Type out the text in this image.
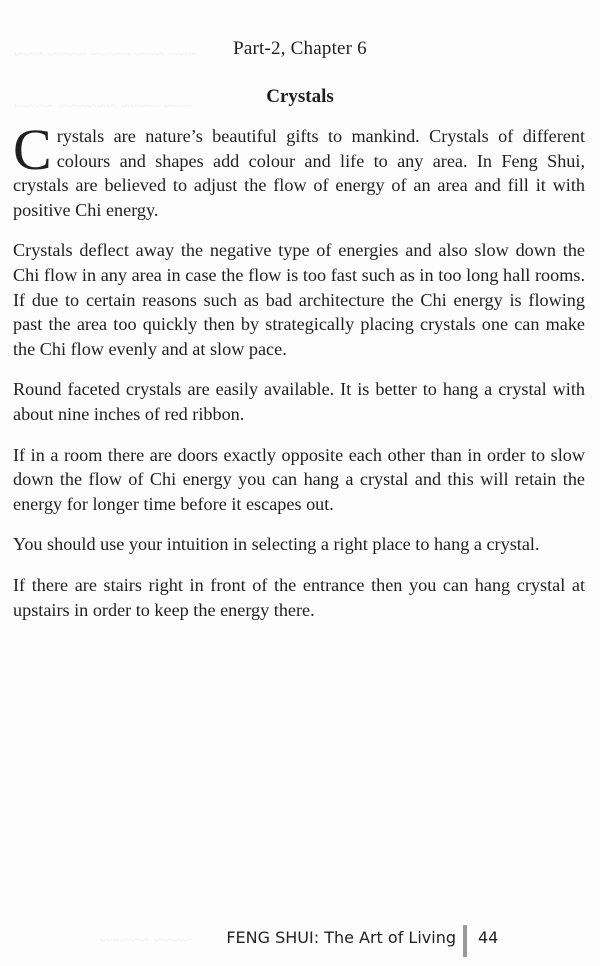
~~~ ~~~ ~~~~ ~~~~ ~~~
~~~ ~~~~ ~~~~~~ ~~~~
~~~~ ~~~~~
Part-2, Chapter 6
Crystals

Crystals are nature’s beautiful gifts to mankind. Crystals of different colours and shapes add colour and life to any area. In Feng Shui, crystals are believed to adjust the flow of energy of an area and fill it with positive Chi energy.

Crystals deflect away the negative type of energies and also slow down the Chi flow in any area in case the flow is too fast such as in too long hall rooms. If due to certain reasons such as bad architecture the Chi energy is flowing past the area too quickly then by strategically placing crystals one can make the Chi flow evenly and at slow pace.

Round faceted crystals are easily available. It is better to hang a crystal with about nine inches of red ribbon.

If in a room there are doors exactly opposite each other than in order to slow down the flow of Chi energy you can hang a crystal and this will retain the energy for longer time before it escapes out.

You should use your intuition in selecting a right place to hang a crystal.

If there are stairs right in front of the entrance then you can hang crystal at upstairs in order to keep the energy there.

FENG SHUI: The Art of Living 44
